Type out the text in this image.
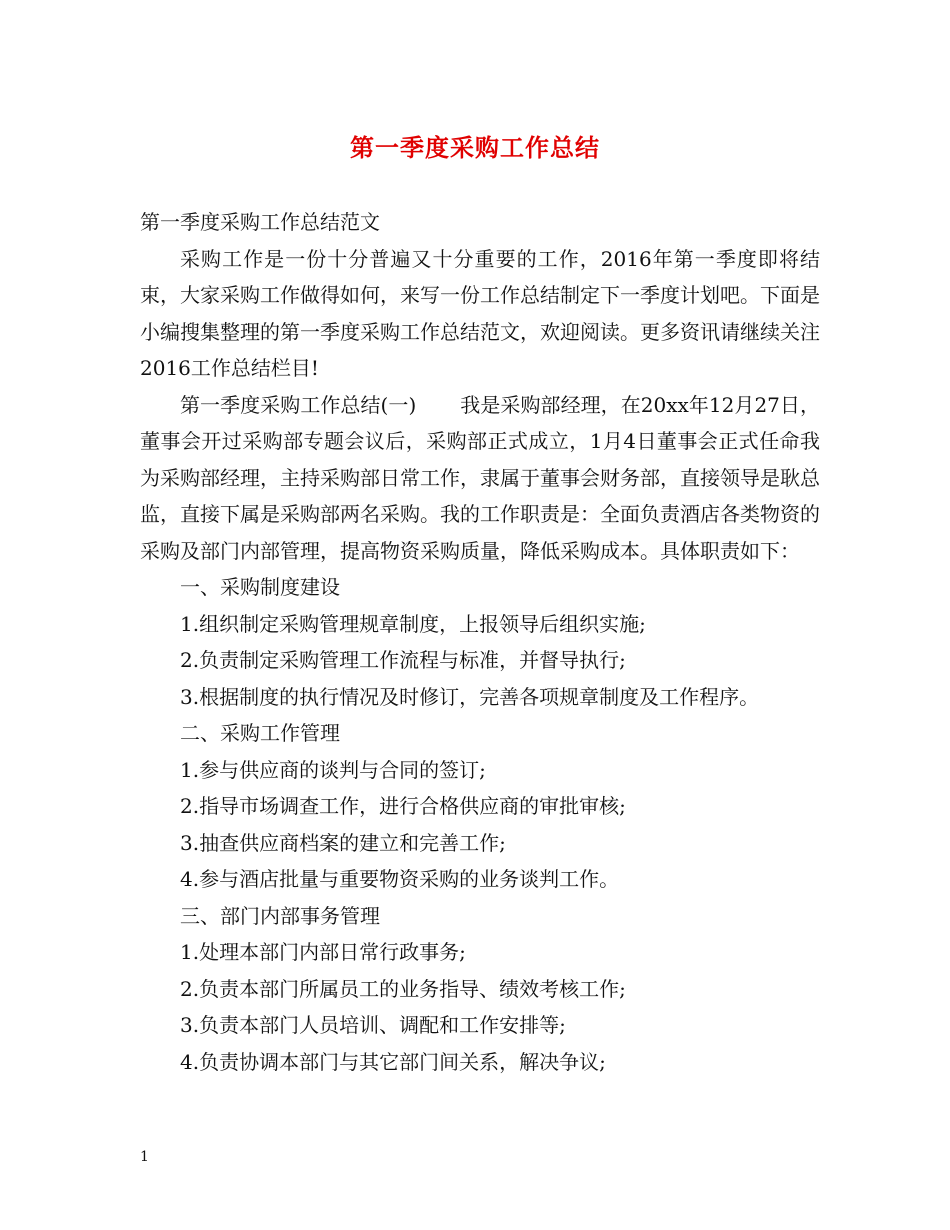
第一季度采购工作总结
第一季度采购工作总结范文
采购工作是一份十分普遍又十分重要的工作，2016年第一季度即将结束，大家采购工作做得如何，来写一份工作总结制定下一季度计划吧。下面是小编搜集整理的第一季度采购工作总结范文，欢迎阅读。更多资讯请继续关注2016工作总结栏目!
第一季度采购工作总结(一) 我是采购部经理，在20xx年12月27日，董事会开过采购部专题会议后，采购部正式成立，1月4日董事会正式任命我为采购部经理，主持采购部日常工作，隶属于董事会财务部，直接领导是耿总监，直接下属是采购部两名采购。我的工作职责是：全面负责酒店各类物资的采购及部门内部管理，提高物资采购质量，降低采购成本。具体职责如下：
一、采购制度建设
1.组织制定采购管理规章制度，上报领导后组织实施;
2.负责制定采购管理工作流程与标准，并督导执行;
3.根据制度的执行情况及时修订，完善各项规章制度及工作程序。
二、采购工作管理
1.参与供应商的谈判与合同的签订;
2.指导市场调查工作，进行合格供应商的审批审核;
3.抽查供应商档案的建立和完善工作;
4.参与酒店批量与重要物资采购的业务谈判工作。
三、部门内部事务管理
1.处理本部门内部日常行政事务;
2.负责本部门所属员工的业务指导、绩效考核工作;
3.负责本部门人员培训、调配和工作安排等;
4.负责协调本部门与其它部门间关系，解决争议;
1
